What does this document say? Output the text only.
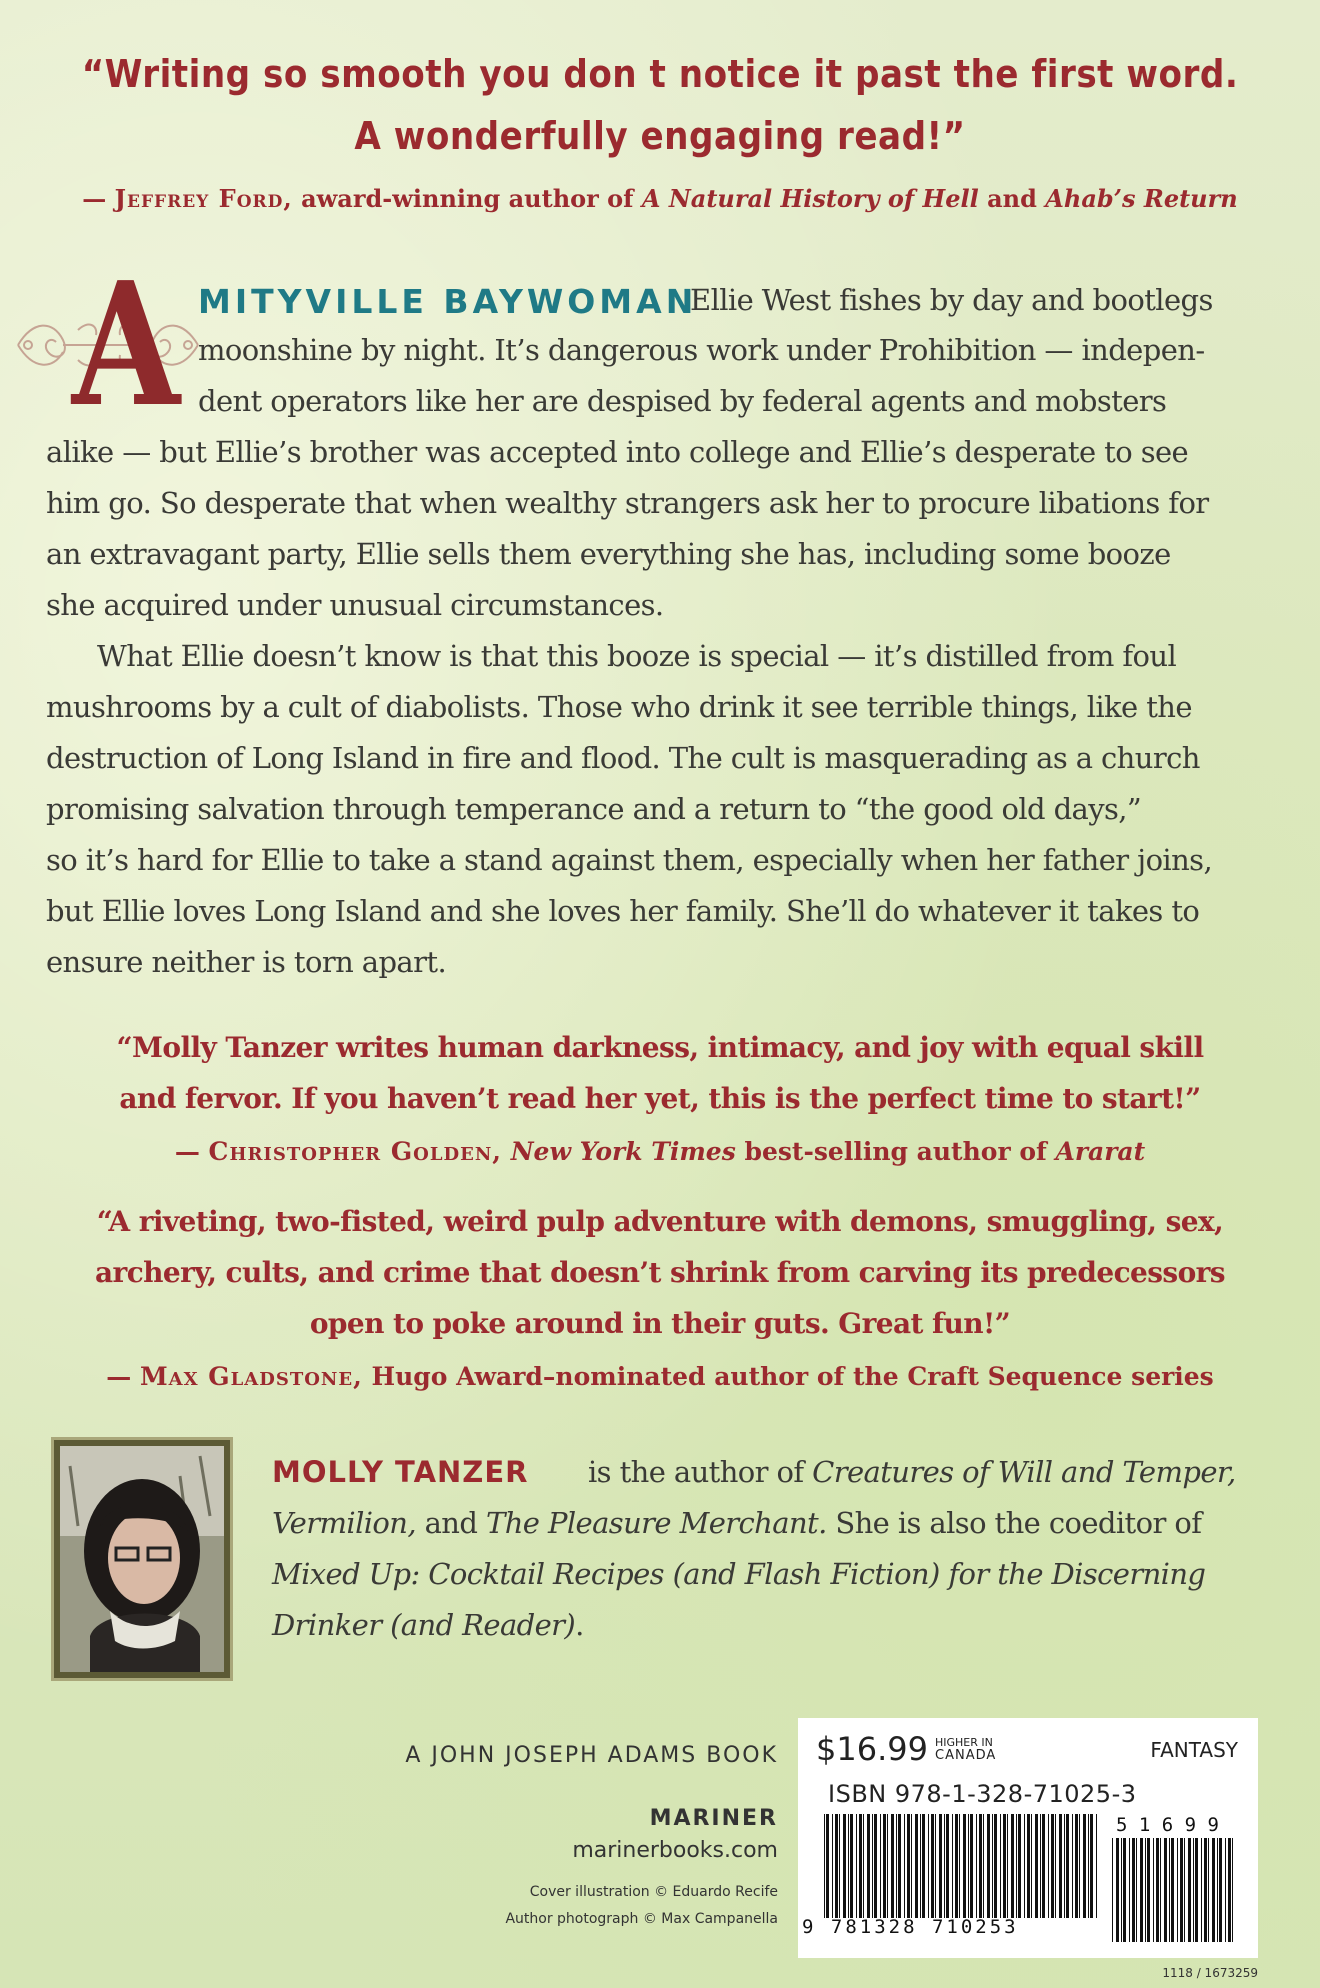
“Writing so smooth you don t notice it past the first word.
A wonderfully engaging read!”
— Jeffrey Ford, award-winning author of A Natural History of Hell and Ahab’s Return
A MITYVILLE BAYWOMAN
Ellie West fishes by day and bootlegs
moonshine by night. It’s dangerous work under Prohibition — indepen-
dent operators like her are despised by federal agents and mobsters
alike — but Ellie’s brother was accepted into college and Ellie’s desperate to see
him go. So desperate that when wealthy strangers ask her to procure libations for
an extravagant party, Ellie sells them everything she has, including some booze
she acquired under unusual circumstances.
What Ellie doesn’t know is that this booze is special — it’s distilled from foul
mushrooms by a cult of diabolists. Those who drink it see terrible things, like the
destruction of Long Island in fire and flood. The cult is masquerading as a church
promising salvation through temperance and a return to “the good old days,”
so it’s hard for Ellie to take a stand against them, especially when her father joins,
but Ellie loves Long Island and she loves her family. She’ll do whatever it takes to
ensure neither is torn apart.
“Molly Tanzer writes human darkness, intimacy, and joy with equal skill
and fervor. If you haven’t read her yet, this is the perfect time to start!”
— Christopher Golden, New York Times best-selling author of Ararat
“A riveting, two-fisted, weird pulp adventure with demons, smuggling, sex,
archery, cults, and crime that doesn’t shrink from carving its predecessors
open to poke around in their guts. Great fun!”
— Max Gladstone, Hugo Award–nominated author of the Craft Sequence series
MOLLY TANZER is the author of Creatures of Will and Temper,
Vermilion, and The Pleasure Merchant. She is also the coeditor of
Mixed Up: Cocktail Recipes (and Flash Fiction) for the Discerning
Drinker (and Reader).
A JOHN JOSEPH ADAMS BOOK
MARINER
marinerbooks.com
Cover illustration © Eduardo Recife
Author photograph © Max Campanella
$16.99 HIGHER IN
CANADA	FANTASY
ISBN 978-1-328-71025-3
9 781328 710253
5 1 6 9 9
1118 / 1673259
